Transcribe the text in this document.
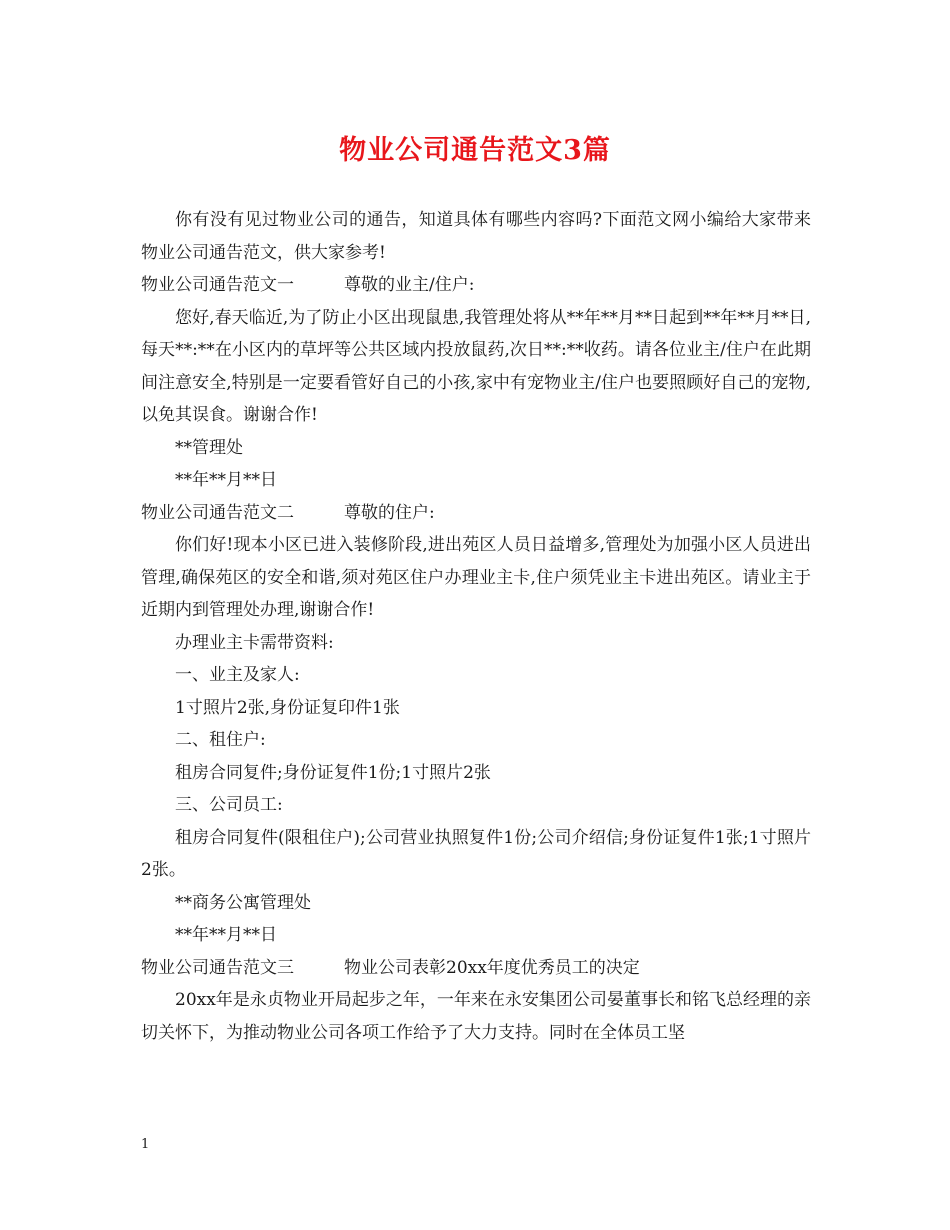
物业公司通告范文3篇

你有没有见过物业公司的通告，知道具体有哪些内容吗?下面范文网小编给大家带来物业公司通告范文，供大家参考!

物业公司通告范文一	尊敬的业主/住户:

您好,春天临近,为了防止小区出现鼠患,我管理处将从**年**月**日起到**年**月**日,每天**:**在小区内的草坪等公共区域内投放鼠药,次日**:**收药。请各位业主/住户在此期间注意安全,特别是一定要看管好自己的小孩,家中有宠物业主/住户也要照顾好自己的宠物,以免其误食。谢谢合作!

**管理处

**年**月**日

物业公司通告范文二	尊敬的住户:

你们好!现本小区已进入装修阶段,进出苑区人员日益增多,管理处为加强小区人员进出管理,确保苑区的安全和谐,须对苑区住户办理业主卡,住户须凭业主卡进出苑区。请业主于近期内到管理处办理,谢谢合作!

办理业主卡需带资料:

一、业主及家人:

1寸照片2张,身份证复印件1张

二、租住户:

租房合同复件;身份证复件1份;1寸照片2张

三、公司员工:

租房合同复件(限租住户);公司营业执照复件1份;公司介绍信;身份证复件1张;1寸照片2张。

**商务公寓管理处

**年**月**日

物业公司通告范文三	物业公司表彰20xx年度优秀员工的决定

20xx年是永贞物业开局起步之年，一年来在永安集团公司晏董事长和铭飞总经理的亲切关怀下，为推动物业公司各项工作给予了大力支持。同时在全体员工坚

1
